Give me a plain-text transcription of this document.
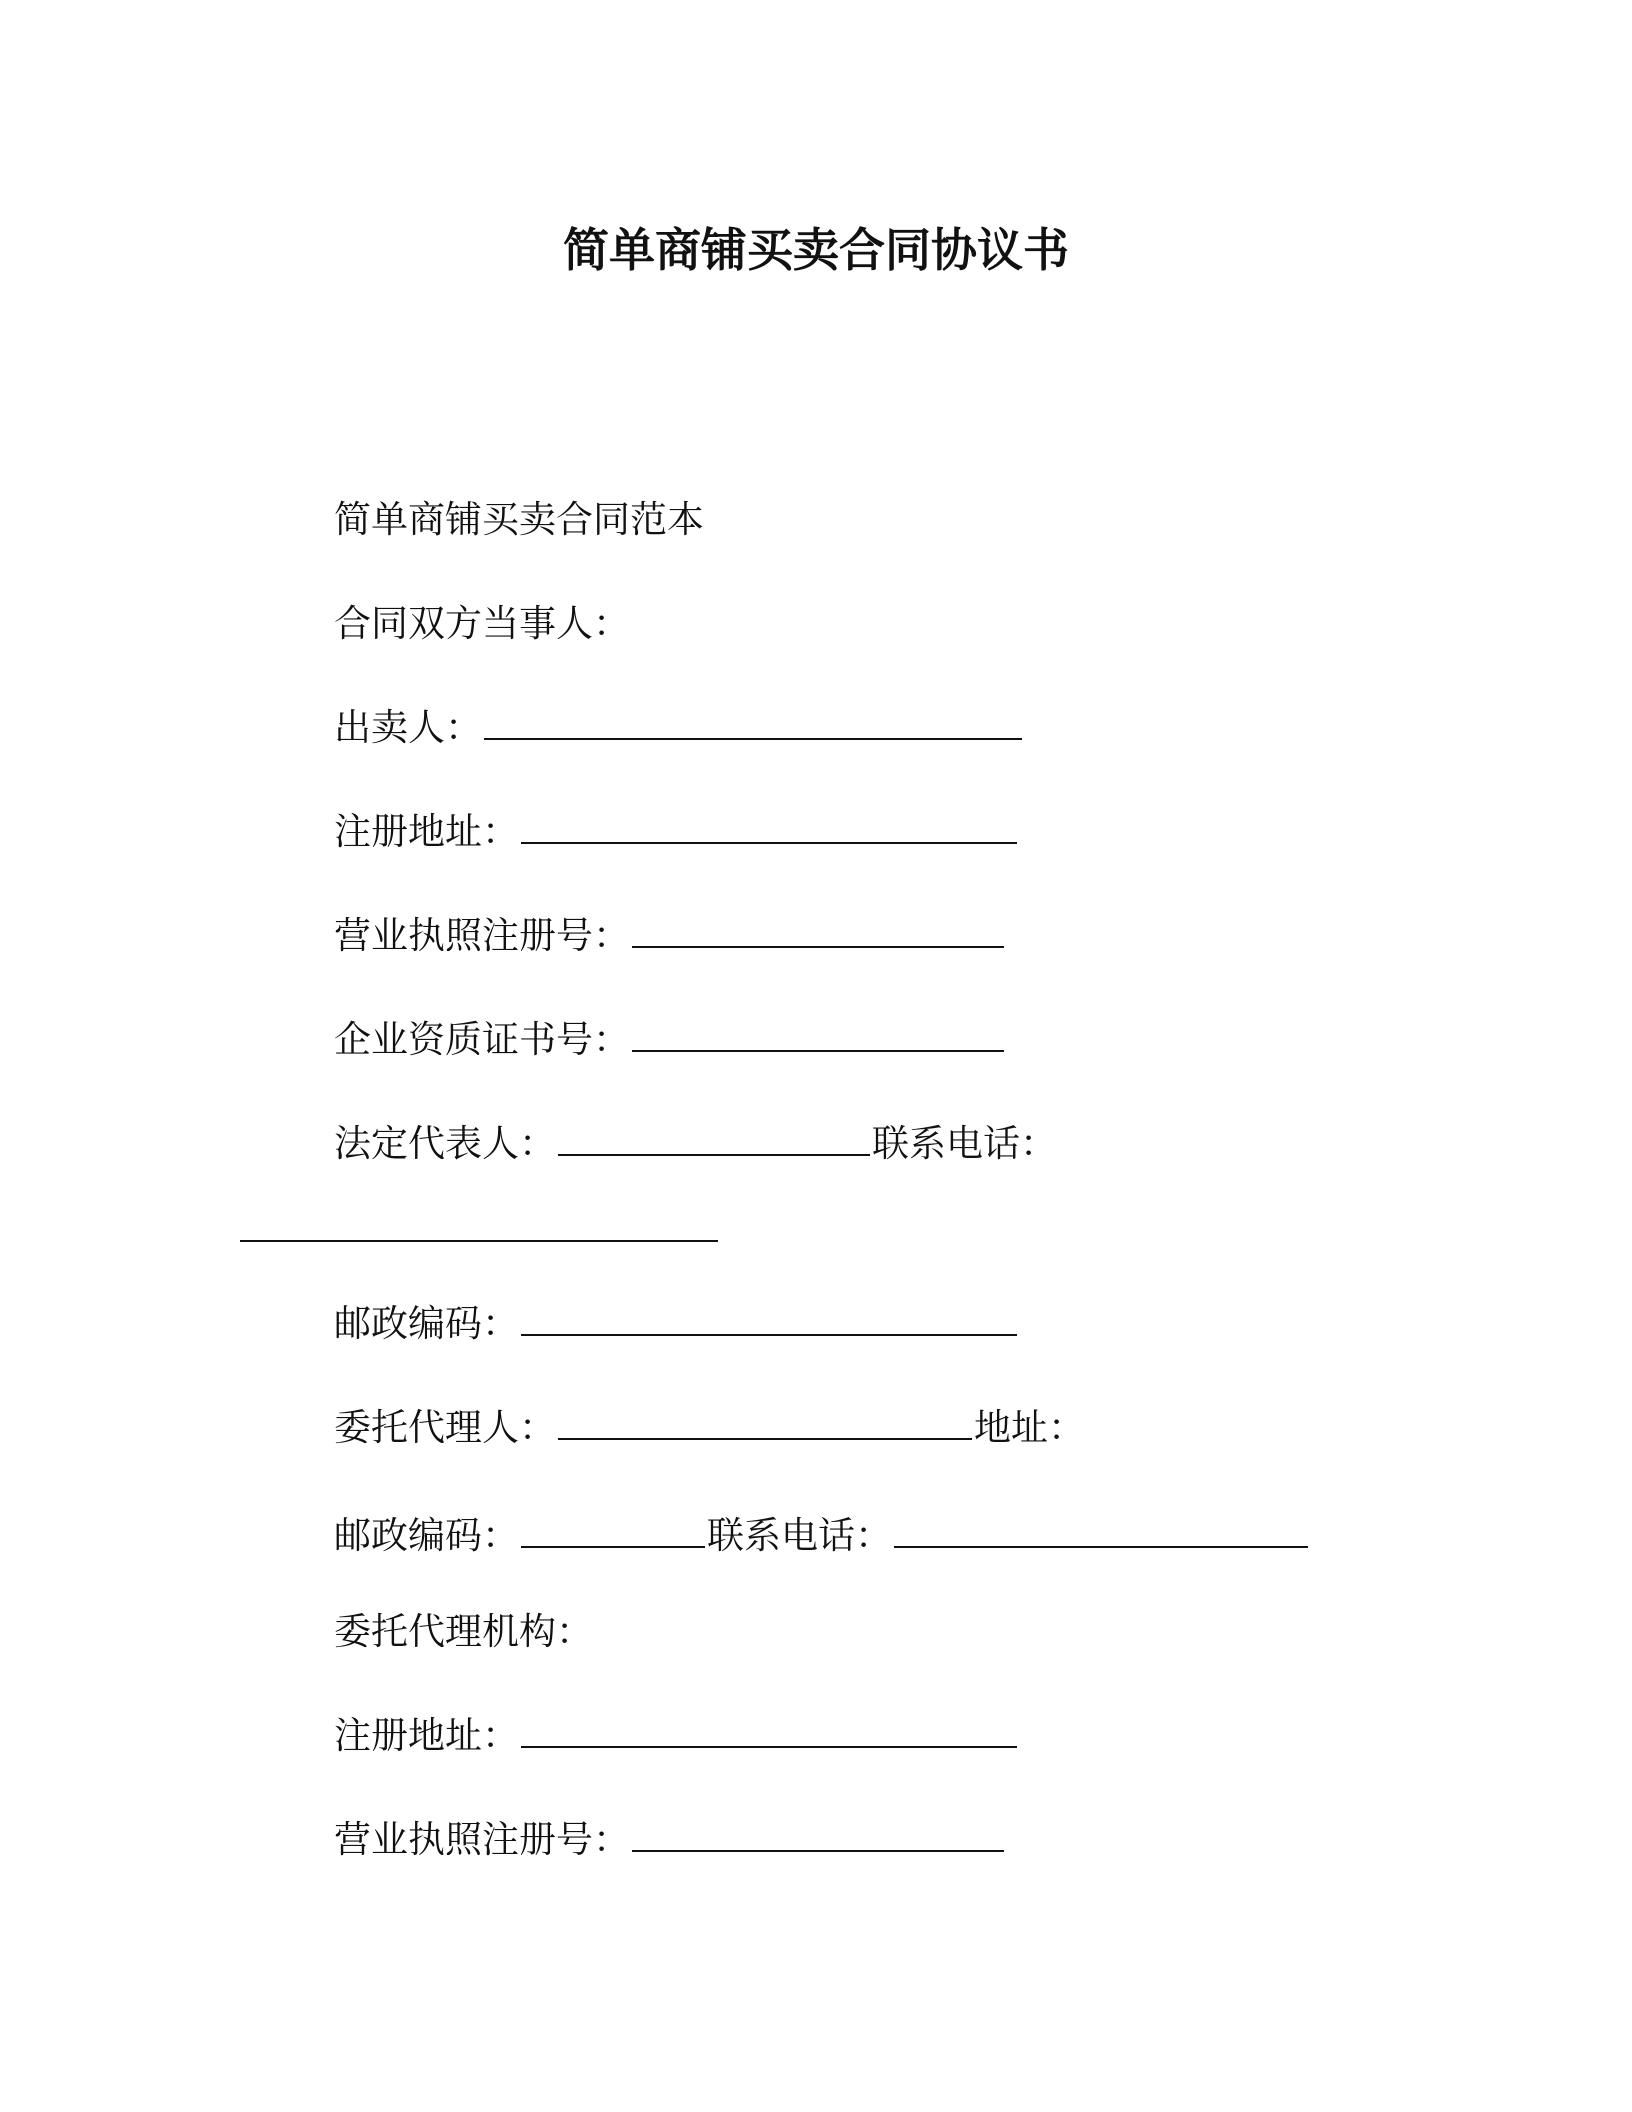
简单商铺买卖合同协议书
简单商铺买卖合同范本
合同双方当事人：
出卖人：
注册地址：
营业执照注册号：
企业资质证书号：
法定代表人：	联系电话：
邮政编码：
委托代理人：	地址：
邮政编码：	联系电话：
委托代理机构：
注册地址：
营业执照注册号：
